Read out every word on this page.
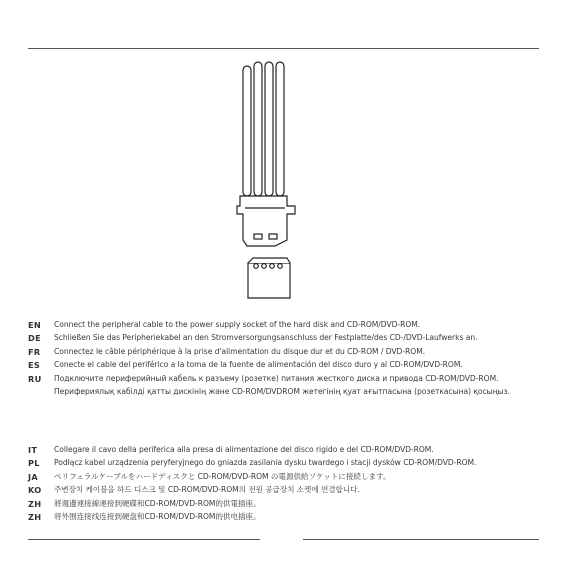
EN	Connect the peripheral cable to the power supply socket of the hard disk and CD-ROM/DVD-ROM.
DE	Schließen Sie das Peripheriekabel an den Stromversorgungsanschluss der Festplatte/des CD-/DVD-Laufwerks an.
FR	Connectez le câble périphérique à la prise d'alimentation du disque dur et du CD-ROM / DVD-ROM.
ES	Conecte el cable del periférico a la toma de la fuente de alimentación del disco duro y al CD-ROM/DVD-ROM.
RU	Подключите периферийный кабель к разъему (розетке) питания жесткого диска и привода CD-ROM/DVD-ROM.
Перифериялық кабілді қатты дискінің және CD-ROM/DVDROM жетегінің қуат ағытпасына (розеткасына) қосыңыз.
IT	Collegare il cavo della periferica alla presa di alimentazione del disco rigido e del CD-ROM/DVD-ROM.
PL	Podłącz kabel urządzenia peryferyjnego do gniazda zasilania dysku twardego i stacji dysków CD-ROM/DVD-ROM.
JA	ペリフェラルケーブルをハードディスクと CD-ROM/DVD-ROM の電源供給ソケットに接続します。
KO	주변장치 케이블을 하드 디스크 및 CD-ROM/DVD-ROM의 전원 공급장치 소켓에 연결합니다.
ZH	將週邊連接線連接到硬碟和CD-ROM/DVD-ROM的供電插座。
ZH	将外围连接线连接到硬盘和CD-ROM/DVD-ROM的供电插座。
